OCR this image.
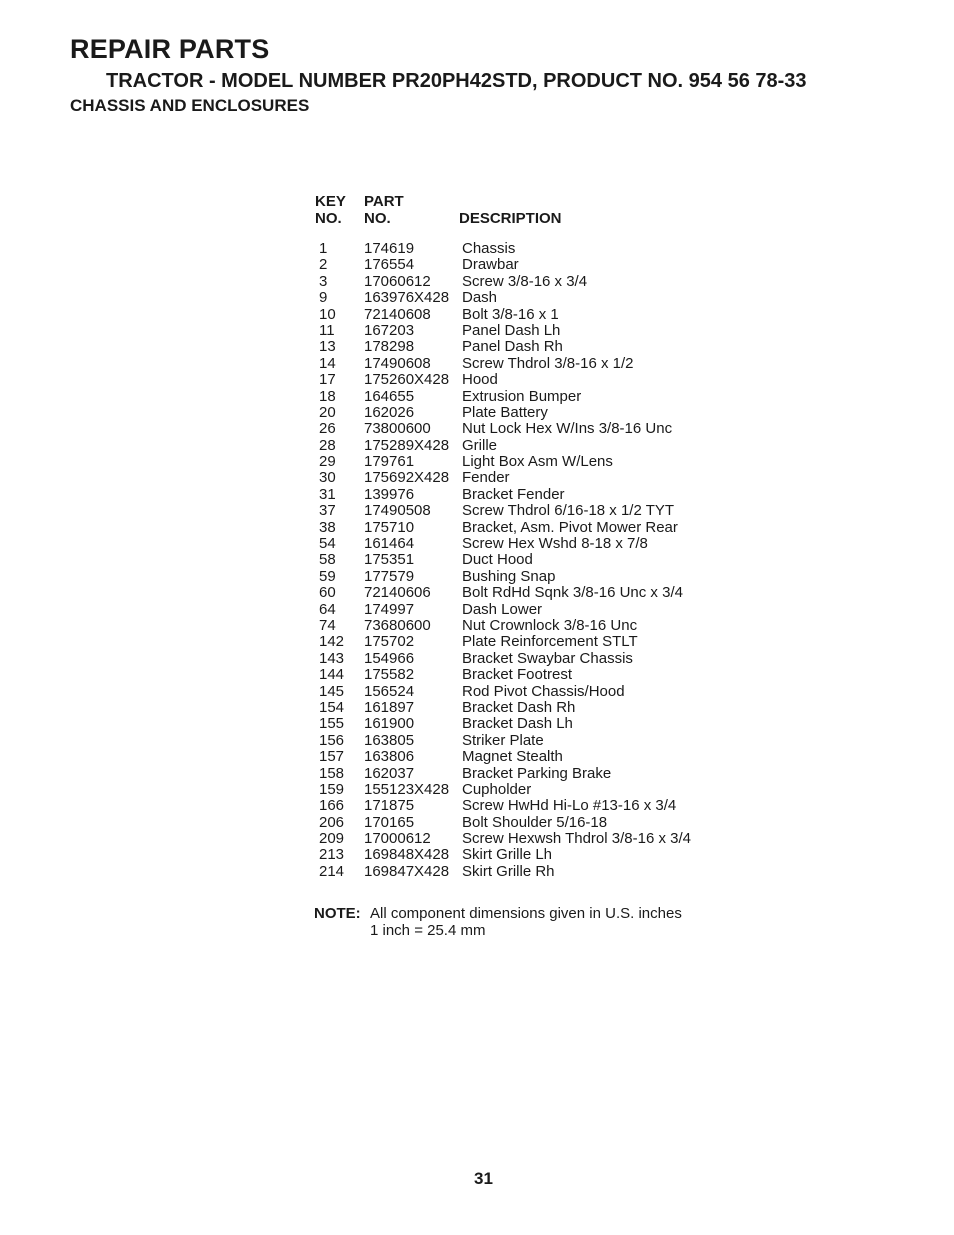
REPAIR PARTS
TRACTOR - MODEL NUMBER PR20PH42STD, PRODUCT NO. 954 56 78-33
CHASSIS AND ENCLOSURES
KEY
NO.
PART
NO.	DESCRIPTION
1 174619	Chassis
2 176554	Drawbar
3 17060612 Screw 3/8-16 x 3/4
9 163976X428 Dash
10 72140608 Bolt 3/8-16 x 1
11 167203	Panel Dash Lh
13 178298	Panel Dash Rh
14 17490608 Screw Thdrol 3/8-16 x 1/2
17 175260X428 Hood
18 164655	Extrusion Bumper
20 162026	Plate Battery
26 73800600 Nut Lock Hex W/Ins 3/8-16 Unc
28 175289X428 Grille
29 179761	Light Box Asm W/Lens
30 175692X428 Fender
31 139976	Bracket Fender
37 17490508 Screw Thdrol 6/16-18 x 1/2 TYT
38 175710	Bracket, Asm. Pivot Mower Rear
54 161464	Screw Hex Wshd 8-18 x 7/8
58 175351	Duct Hood
59 177579	Bushing Snap
60 72140606 Bolt RdHd Sqnk 3/8-16 Unc x 3/4
64 174997	Dash Lower
74 73680600 Nut Crownlock 3/8-16 Unc
142 175702	Plate Reinforcement STLT
143 154966	Bracket Swaybar Chassis
144 175582	Bracket Footrest
145 156524	Rod Pivot Chassis/Hood
154 161897	Bracket Dash Rh
155 161900	Bracket Dash Lh
156 163805	Striker Plate
157 163806	Magnet Stealth
158 162037	Bracket Parking Brake
159 155123X428 Cupholder
166 171875	Screw HwHd Hi-Lo #13-16 x 3/4
206 170165	Bolt Shoulder 5/16-18
209 17000612 Screw Hexwsh Thdrol 3/8-16 x 3/4
213 169848X428 Skirt Grille Lh
214 169847X428 Skirt Grille Rh
NOTE: All component dimensions given in U.S. inches
1 inch = 25.4 mm
31
